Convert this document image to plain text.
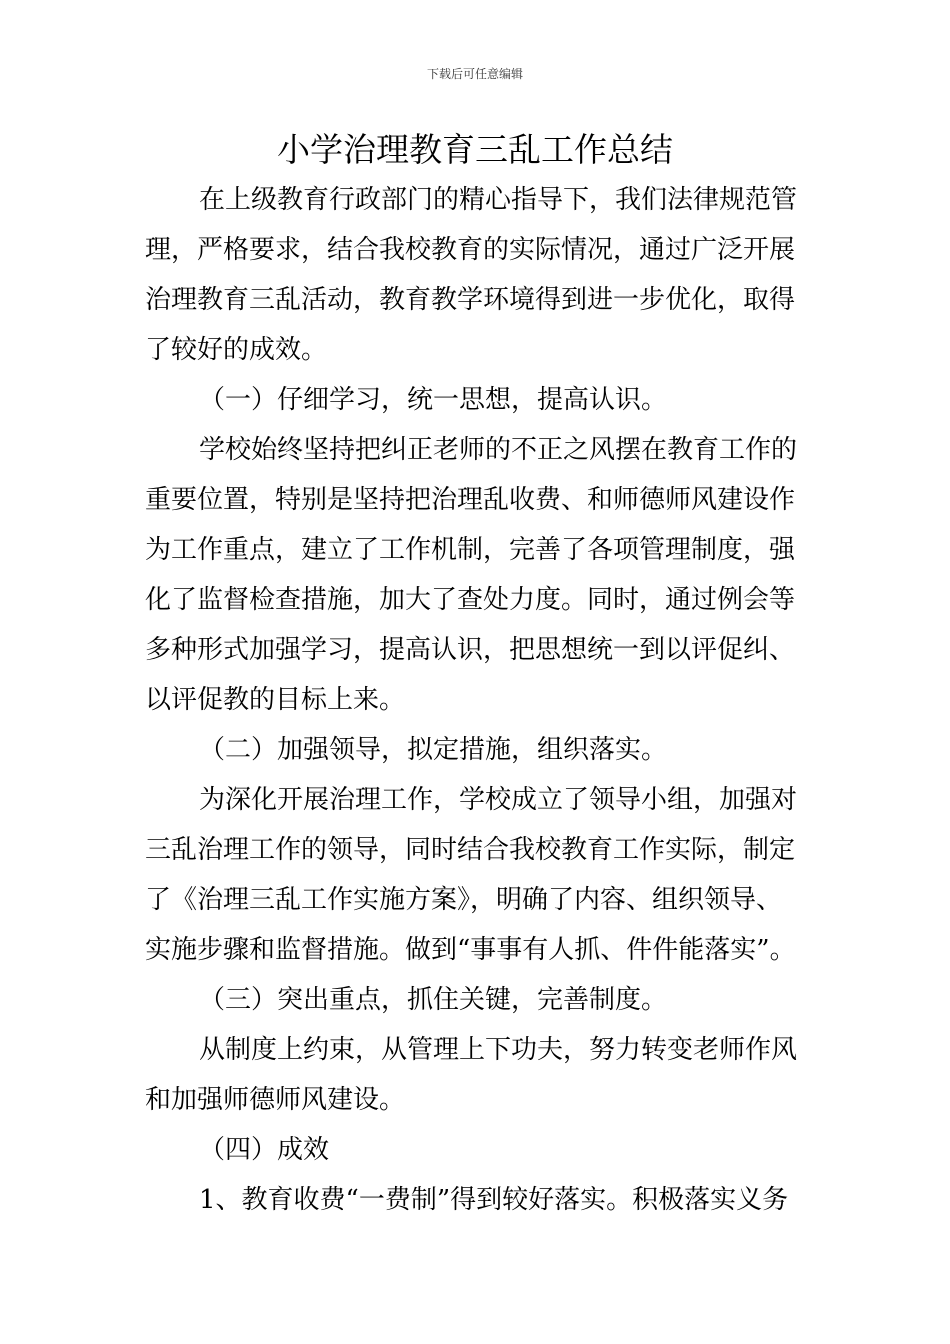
下载后可任意编辑
小学治理教育三乱工作总结
在上级教育行政部门的精心指导下，我们法律规范管
理，严格要求，结合我校教育的实际情况，通过广泛开展
治理教育三乱活动，教育教学环境得到进一步优化，取得
了较好的成效。
（一）仔细学习，统一思想，提高认识。
学校始终坚持把纠正老师的不正之风摆在教育工作的
重要位置，特别是坚持把治理乱收费、和师德师风建设作
为工作重点，建立了工作机制，完善了各项管理制度，强
化了监督检查措施，加大了查处力度。同时，通过例会等
多种形式加强学习，提高认识，把思想统一到以评促纠、
以评促教的目标上来。
（二）加强领导，拟定措施，组织落实。
为深化开展治理工作，学校成立了领导小组，加强对
三乱治理工作的领导，同时结合我校教育工作实际，制定
了《治理三乱工作实施方案》，明确了内容、组织领导、
实施步骤和监督措施。做到“事事有人抓、件件能落实”。
（三）突出重点，抓住关键，完善制度。
从制度上约束，从管理上下功夫，努力转变老师作风
和加强师德师风建设。
（四）成效
1、教育收费“一费制”得到较好落实。积极落实义务
